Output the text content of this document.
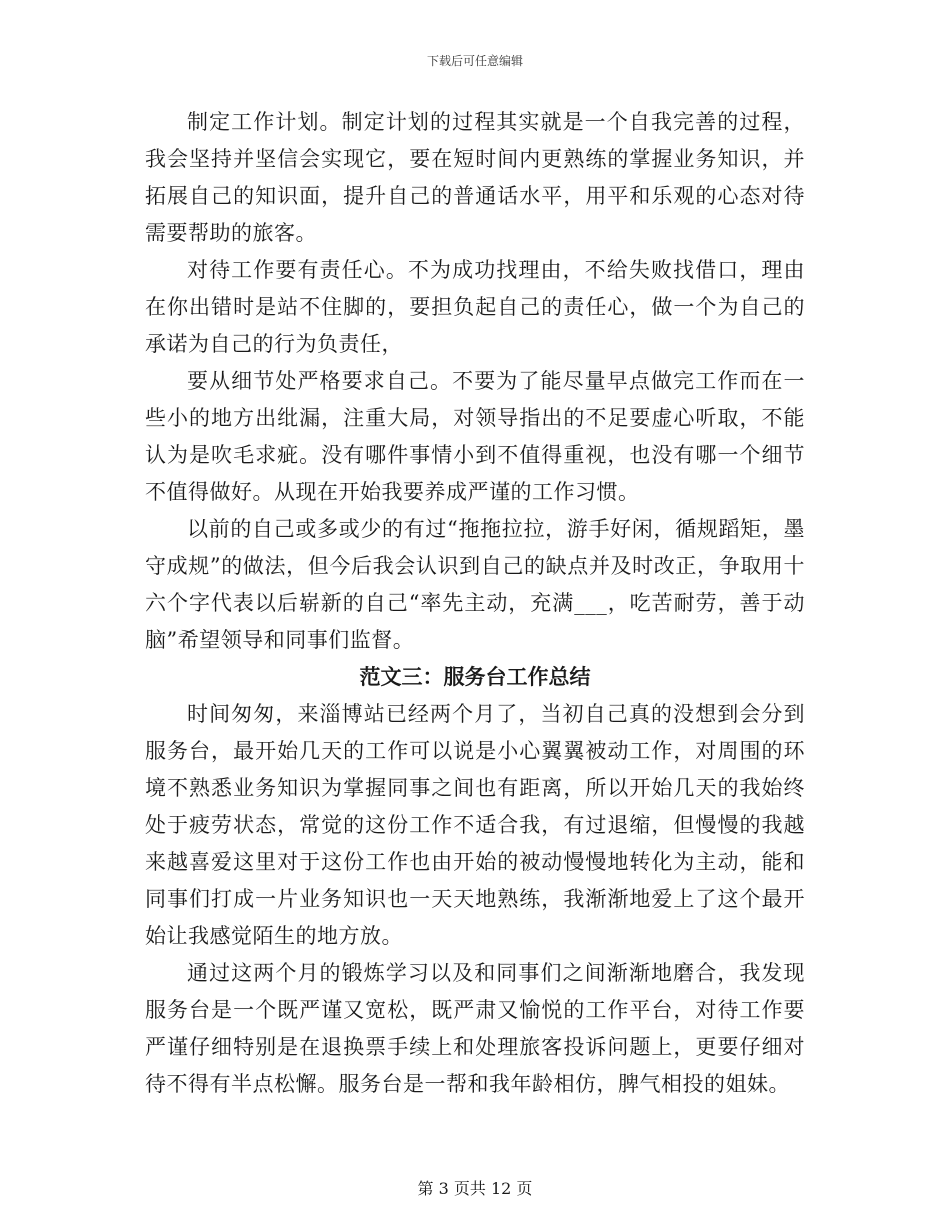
下载后可任意编辑

制定工作计划。制定计划的过程其实就是一个自我完善的过程，我会坚持并坚信会实现它，要在短时间内更熟练的掌握业务知识，并拓展自己的知识面，提升自己的普通话水平，用平和乐观的心态对待需要帮助的旅客。

对待工作要有责任心。不为成功找理由，不给失败找借口，理由在你出错时是站不住脚的，要担负起自己的责任心，做一个为自己的承诺为自己的行为负责任，

要从细节处严格要求自己。不要为了能尽量早点做完工作而在一些小的地方出纰漏，注重大局，对领导指出的不足要虚心听取，不能认为是吹毛求疵。没有哪件事情小到不值得重视，也没有哪一个细节不值得做好。从现在开始我要养成严谨的工作习惯。

以前的自己或多或少的有过“拖拖拉拉，游手好闲，循规蹈矩，墨守成规”的做法，但今后我会认识到自己的缺点并及时改正，争取用十六个字代表以后崭新的自己“率先主动，充满___，吃苦耐劳，善于动脑”希望领导和同事们监督。

范文三：服务台工作总结

时间匆匆，来淄博站已经两个月了，当初自己真的没想到会分到服务台，最开始几天的工作可以说是小心翼翼被动工作，对周围的环境不熟悉业务知识为掌握同事之间也有距离，所以开始几天的我始终处于疲劳状态，常觉的这份工作不适合我，有过退缩，但慢慢的我越来越喜爱这里对于这份工作也由开始的被动慢慢地转化为主动，能和同事们打成一片业务知识也一天天地熟练，我渐渐地爱上了这个最开始让我感觉陌生的地方放。

通过这两个月的锻炼学习以及和同事们之间渐渐地磨合，我发现服务台是一个既严谨又宽松，既严肃又愉悦的工作平台，对待工作要严谨仔细特别是在退换票手续上和处理旅客投诉问题上，更要仔细对待不得有半点松懈。服务台是一帮和我年龄相仿，脾气相投的姐妹。

第 3 页共 12 页
